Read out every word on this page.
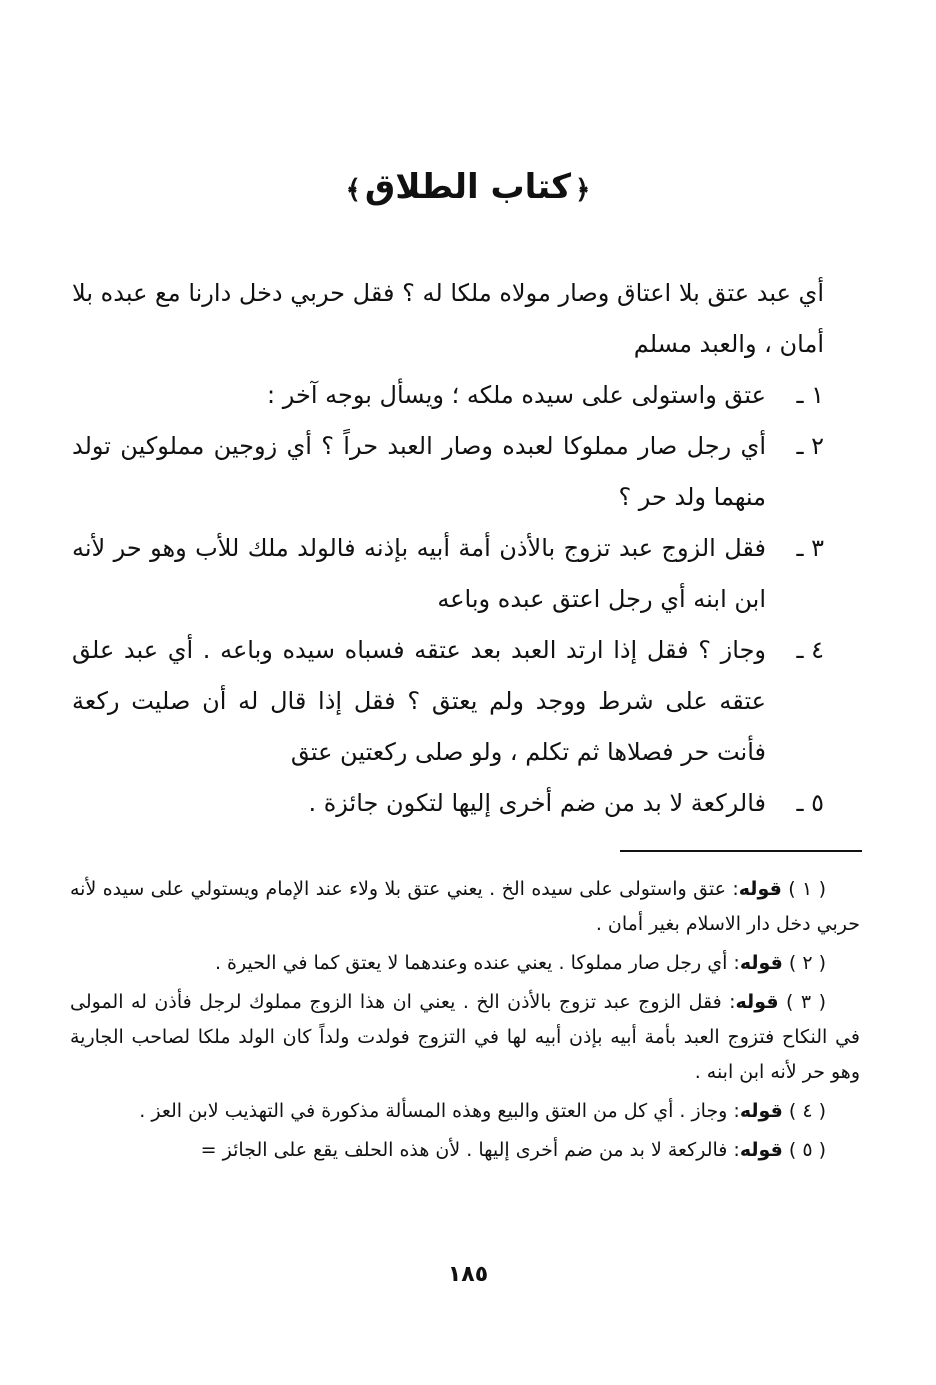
﴿كتاب الطلاق﴾

أي عبد عتق بلا اعتاق وصار مولاه ملكا له ؟ فقل حربي دخل دارنا مع عبده بلا أمان ، والعبد مسلم

١ ـ
عتق واستولى على سيده ملكه ؛ ويسأل بوجه آخر :
٢ ـ
أي رجل صار مملوكا لعبده وصار العبد حراً ؟ أي زوجين مملوكين تولد منهما ولد حر ؟
٣ ـ
فقل الزوج عبد تزوج بالأذن أمة أبيه بإذنه فالولد ملك للأب وهو حر لأنه ابن ابنه أي رجل اعتق عبده وباعه
٤ ـ
وجاز ؟ فقل إذا ارتد العبد بعد عتقه فسباه سيده وباعه . أي عبد علق عتقه على شرط ووجد ولم يعتق ؟ فقل إذا قال له أن صليت ركعة فأنت حر فصلاها ثم تكلم ، ولو صلى ركعتين عتق
٥ ـ
فالركعة لا بد من ضم أخرى إليها لتكون جائزة .

( ١ ) قوله: عتق واستولى على سيده الخ . يعني عتق بلا ولاء عند الإمام ويستولي على سيده لأنه حربي دخل دار الاسلام بغير أمان .

( ٢ ) قوله: أي رجل صار مملوكا . يعني عنده وعندهما لا يعتق كما في الحيرة .

( ٣ ) قوله: فقل الزوج عبد تزوج بالأذن الخ . يعني ان هذا الزوج مملوك لرجل فأذن له المولى في النكاح فتزوج العبد بأمة أبيه بإذن أبيه لها في التزوج فولدت ولداً كان الولد ملكا لصاحب الجارية وهو حر لأنه ابن ابنه .

( ٤ ) قوله: وجاز . أي كل من العتق والبيع وهذه المسألة مذكورة في التهذيب لابن العز .

( ٥ ) قوله: فالركعة لا بد من ضم أخرى إليها . لأن هذه الحلف يقع على الجائز =

١٨٥
